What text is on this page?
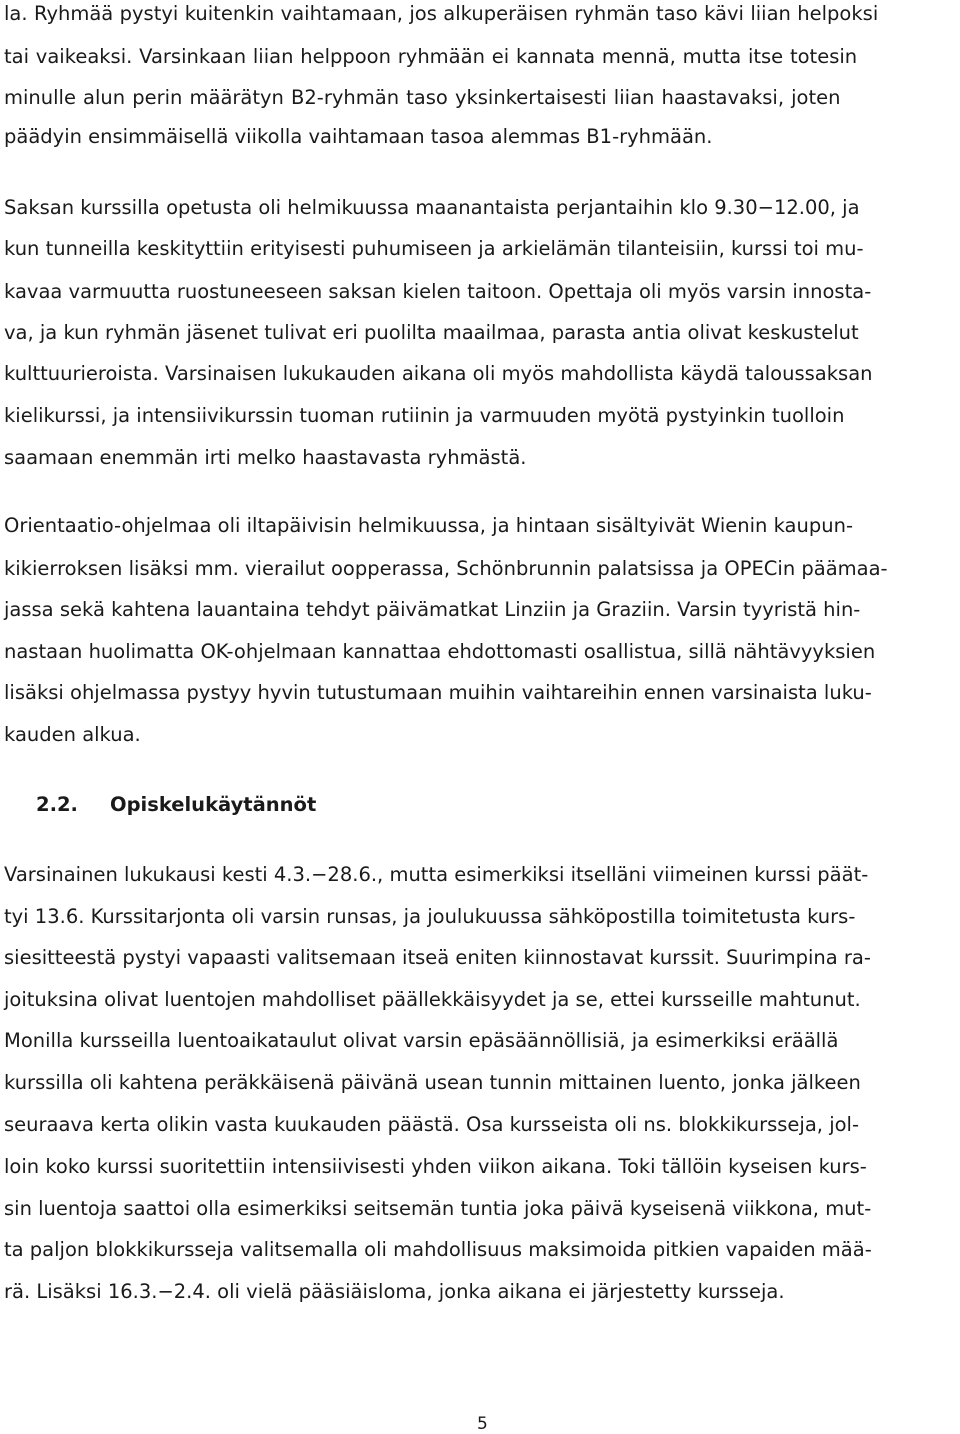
la. Ryhmää pystyi kuitenkin vaihtamaan, jos alkuperäisen ryhmän taso kävi liian helpoksi
tai vaikeaksi. Varsinkaan liian helppoon ryhmään ei kannata mennä, mutta itse totesin
minulle alun perin määrätyn B2-ryhmän taso yksinkertaisesti liian haastavaksi, joten
päädyin ensimmäisellä viikolla vaihtamaan tasoa alemmas B1-ryhmään.
Saksan kurssilla opetusta oli helmikuussa maanantaista perjantaihin klo 9.30−12.00, ja
kun tunneilla keskityttiin erityisesti puhumiseen ja arkielämän tilanteisiin, kurssi toi mu-
kavaa varmuutta ruostuneeseen saksan kielen taitoon. Opettaja oli myös varsin innosta-
va, ja kun ryhmän jäsenet tulivat eri puolilta maailmaa, parasta antia olivat keskustelut
kulttuurieroista. Varsinaisen lukukauden aikana oli myös mahdollista käydä taloussaksan
kielikurssi, ja intensiivikurssin tuoman rutiinin ja varmuuden myötä pystyinkin tuolloin
saamaan enemmän irti melko haastavasta ryhmästä.
Orientaatio-ohjelmaa oli iltapäivisin helmikuussa, ja hintaan sisältyivät Wienin kaupun-
kikierroksen lisäksi mm. vierailut oopperassa, Schönbrunnin palatsissa ja OPECin päämaa-
jassa sekä kahtena lauantaina tehdyt päivämatkat Linziin ja Graziin. Varsin tyyristä hin-
nastaan huolimatta OK-ohjelmaan kannattaa ehdottomasti osallistua, sillä nähtävyyksien
lisäksi ohjelmassa pystyy hyvin tutustumaan muihin vaihtareihin ennen varsinaista luku-
kauden alkua.
2.2. Opiskelukäytännöt
Varsinainen lukukausi kesti 4.3.−28.6., mutta esimerkiksi itselläni viimeinen kurssi päät-
tyi 13.6. Kurssitarjonta oli varsin runsas, ja joulukuussa sähköpostilla toimitetusta kurs-
siesitteestä pystyi vapaasti valitsemaan itseä eniten kiinnostavat kurssit. Suurimpina ra-
joituksina olivat luentojen mahdolliset päällekkäisyydet ja se, ettei kursseille mahtunut.
Monilla kursseilla luentoaikataulut olivat varsin epäsäännöllisiä, ja esimerkiksi eräällä
kurssilla oli kahtena peräkkäisenä päivänä usean tunnin mittainen luento, jonka jälkeen
seuraava kerta olikin vasta kuukauden päästä. Osa kursseista oli ns. blokkikursseja, jol-
loin koko kurssi suoritettiin intensiivisesti yhden viikon aikana. Toki tällöin kyseisen kurs-
sin luentoja saattoi olla esimerkiksi seitsemän tuntia joka päivä kyseisenä viikkona, mut-
ta paljon blokkikursseja valitsemalla oli mahdollisuus maksimoida pitkien vapaiden mää-
rä. Lisäksi 16.3.−2.4. oli vielä pääsiäisloma, jonka aikana ei järjestetty kursseja.
5
